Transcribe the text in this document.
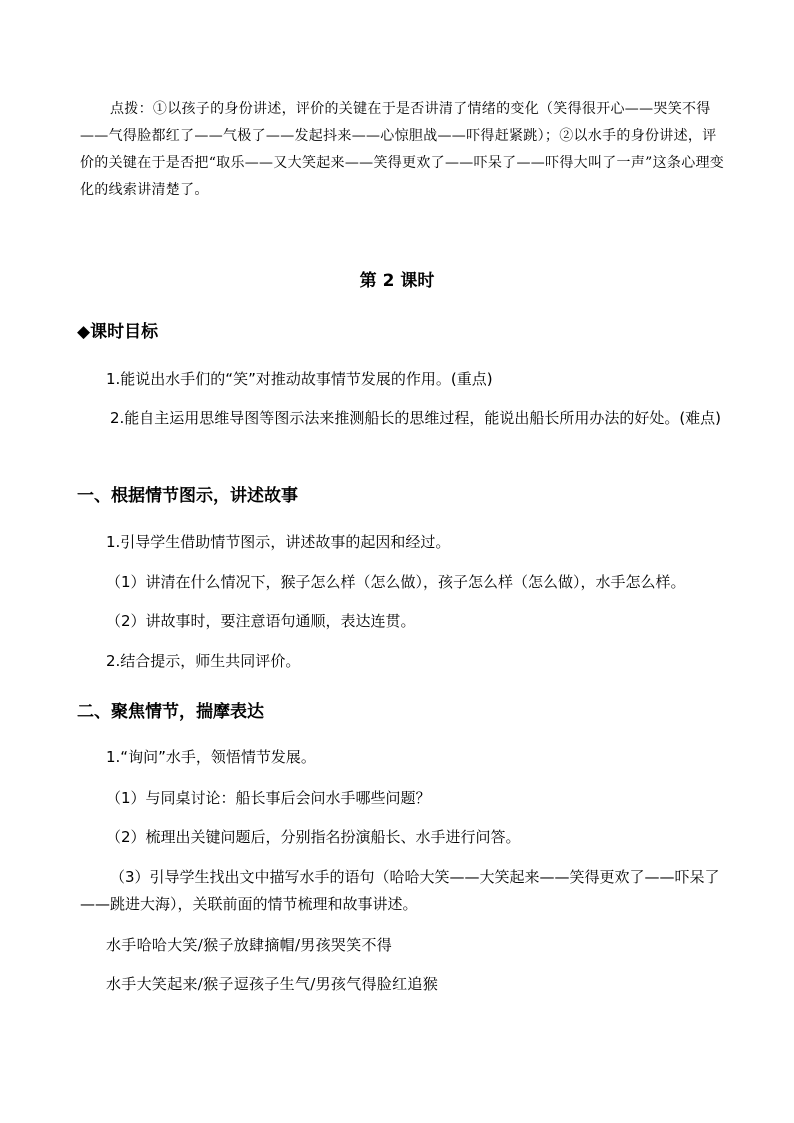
点拨：①以孩子的身份讲述，评价的关键在于是否讲清了情绪的变化（笑得很开心——哭笑不得——气得脸都红了——气极了——发起抖来——心惊胆战——吓得赶紧跳）；②以水手的身份讲述，评价的关键在于是否把“取乐——又大笑起来——笑得更欢了——吓呆了——吓得大叫了一声”这条心理变化的线索讲清楚了。

第 2 课时

◆课时目标

1.能说出水手们的“笑”对推动故事情节发展的作用。(重点)

2.能自主运用思维导图等图示法来推测船长的思维过程，能说出船长所用办法的好处。(难点)

一、根据情节图示，讲述故事

1.引导学生借助情节图示，讲述故事的起因和经过。

（1）讲清在什么情况下，猴子怎么样（怎么做），孩子怎么样（怎么做），水手怎么样。

（2）讲故事时，要注意语句通顺，表达连贯。

2.结合提示，师生共同评价。

二、聚焦情节，揣摩表达

1.“询问”水手，领悟情节发展。

（1）与同桌讨论：船长事后会问水手哪些问题？

（2）梳理出关键问题后，分别指名扮演船长、水手进行问答。

（3）引导学生找出文中描写水手的语句（哈哈大笑——大笑起来——笑得更欢了——吓呆了——跳进大海），关联前面的情节梳理和故事讲述。

水手哈哈大笑/猴子放肆摘帽/男孩哭笑不得

水手大笑起来/猴子逗孩子生气/男孩气得脸红追猴
